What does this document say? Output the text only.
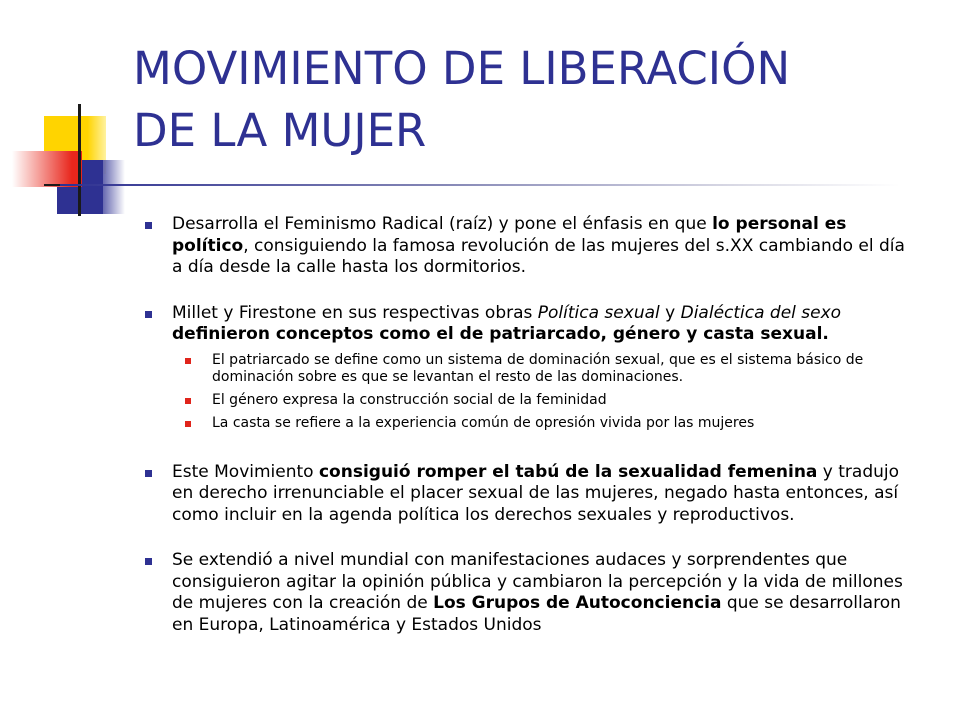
MOVIMIENTO DE LIBERACIÓN
DE LA MUJER

Desarrolla el Feminismo Radical (raíz) y pone el énfasis en que lo personal es político, consiguiendo la famosa revolución de las mujeres del s.XX cambiando el día a día desde la calle hasta los dormitorios.

Millet y Firestone en sus respectivas obras Política sexual y Dialéctica del sexo definieron conceptos como el de patriarcado, género y casta sexual.

El patriarcado se define como un sistema de dominación sexual, que es el sistema básico de dominación sobre es que se levantan el resto de las dominaciones.

El género expresa la construcción social de la feminidad

La casta se refiere a la experiencia común de opresión vivida por las mujeres

Este Movimiento consiguió romper el tabú de la sexualidad femenina y tradujo en derecho irrenunciable el placer sexual de las mujeres, negado hasta entonces, así como incluir en la agenda política los derechos sexuales y reproductivos.

Se extendió a nivel mundial con manifestaciones audaces y sorprendentes que consiguieron agitar la opinión pública y cambiaron la percepción y la vida de millones de mujeres con la creación de Los Grupos de Autoconciencia que se desarrollaron en Europa, Latinoamérica y Estados Unidos
